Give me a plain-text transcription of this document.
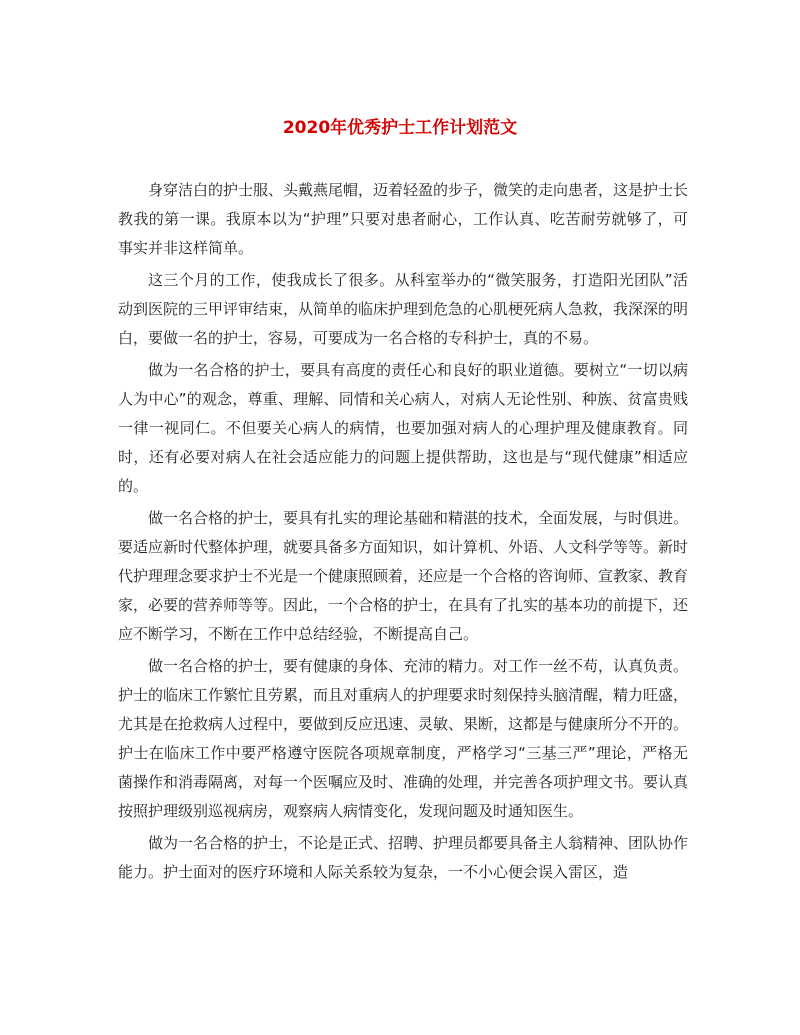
2020年优秀护士工作计划范文

身穿洁白的护士服、头戴燕尾帽，迈着轻盈的步子，微笑的走向患者，这是护士长教我的第一课。我原本以为“护理”只要对患者耐心，工作认真、吃苦耐劳就够了，可事实并非这样简单。

这三个月的工作，使我成长了很多。从科室举办的“微笑服务，打造阳光团队”活动到医院的三甲评审结束，从简单的临床护理到危急的心肌梗死病人急救，我深深的明白，要做一名的护士，容易，可要成为一名合格的专科护士，真的不易。

做为一名合格的护士，要具有高度的责任心和良好的职业道德。要树立“一切以病人为中心”的观念，尊重、理解、同情和关心病人，对病人无论性别、种族、贫富贵贱一律一视同仁。不但要关心病人的病情，也要加强对病人的心理护理及健康教育。同时，还有必要对病人在社会适应能力的问题上提供帮助，这也是与“现代健康”相适应的。

做一名合格的护士，要具有扎实的理论基础和精湛的技术，全面发展，与时俱进。要适应新时代整体护理，就要具备多方面知识，如计算机、外语、人文科学等等。新时代护理理念要求护士不光是一个健康照顾着，还应是一个合格的咨询师、宣教家、教育家，必要的营养师等等。因此，一个合格的护士，在具有了扎实的基本功的前提下，还应不断学习，不断在工作中总结经验，不断提高自己。

做一名合格的护士，要有健康的身体、充沛的精力。对工作一丝不苟，认真负责。护士的临床工作繁忙且劳累，而且对重病人的护理要求时刻保持头脑清醒，精力旺盛，尤其是在抢救病人过程中，要做到反应迅速、灵敏、果断，这都是与健康所分不开的。护士在临床工作中要严格遵守医院各项规章制度，严格学习“三基三严”理论，严格无菌操作和消毒隔离，对每一个医嘱应及时、准确的处理，并完善各项护理文书。要认真按照护理级别巡视病房，观察病人病情变化，发现问题及时通知医生。

做为一名合格的护士，不论是正式、招聘、护理员都要具备主人翁精神、团队协作能力。护士面对的医疗环境和人际关系较为复杂，一不小心便会误入雷区，造
